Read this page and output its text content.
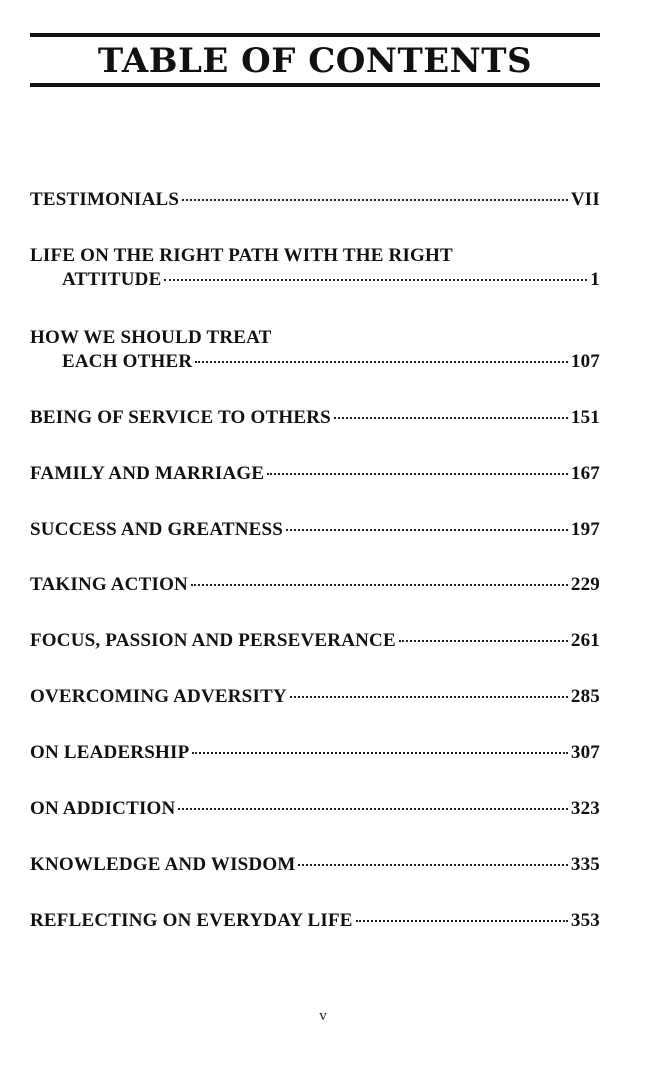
TABLE OF CONTENTS
TESTIMONIALS	VII
LIFE ON THE RIGHT PATH WITH THE RIGHT
ATTITUDE	1
HOW WE SHOULD TREAT
EACH OTHER	107
BEING OF SERVICE TO OTHERS	151
FAMILY AND MARRIAGE	167
SUCCESS AND GREATNESS	197
TAKING ACTION	229
FOCUS, PASSION AND PERSEVERANCE	261
OVERCOMING ADVERSITY	285
ON LEADERSHIP	307
ON ADDICTION	323
KNOWLEDGE AND WISDOM	335
REFLECTING ON EVERYDAY LIFE	353
v
